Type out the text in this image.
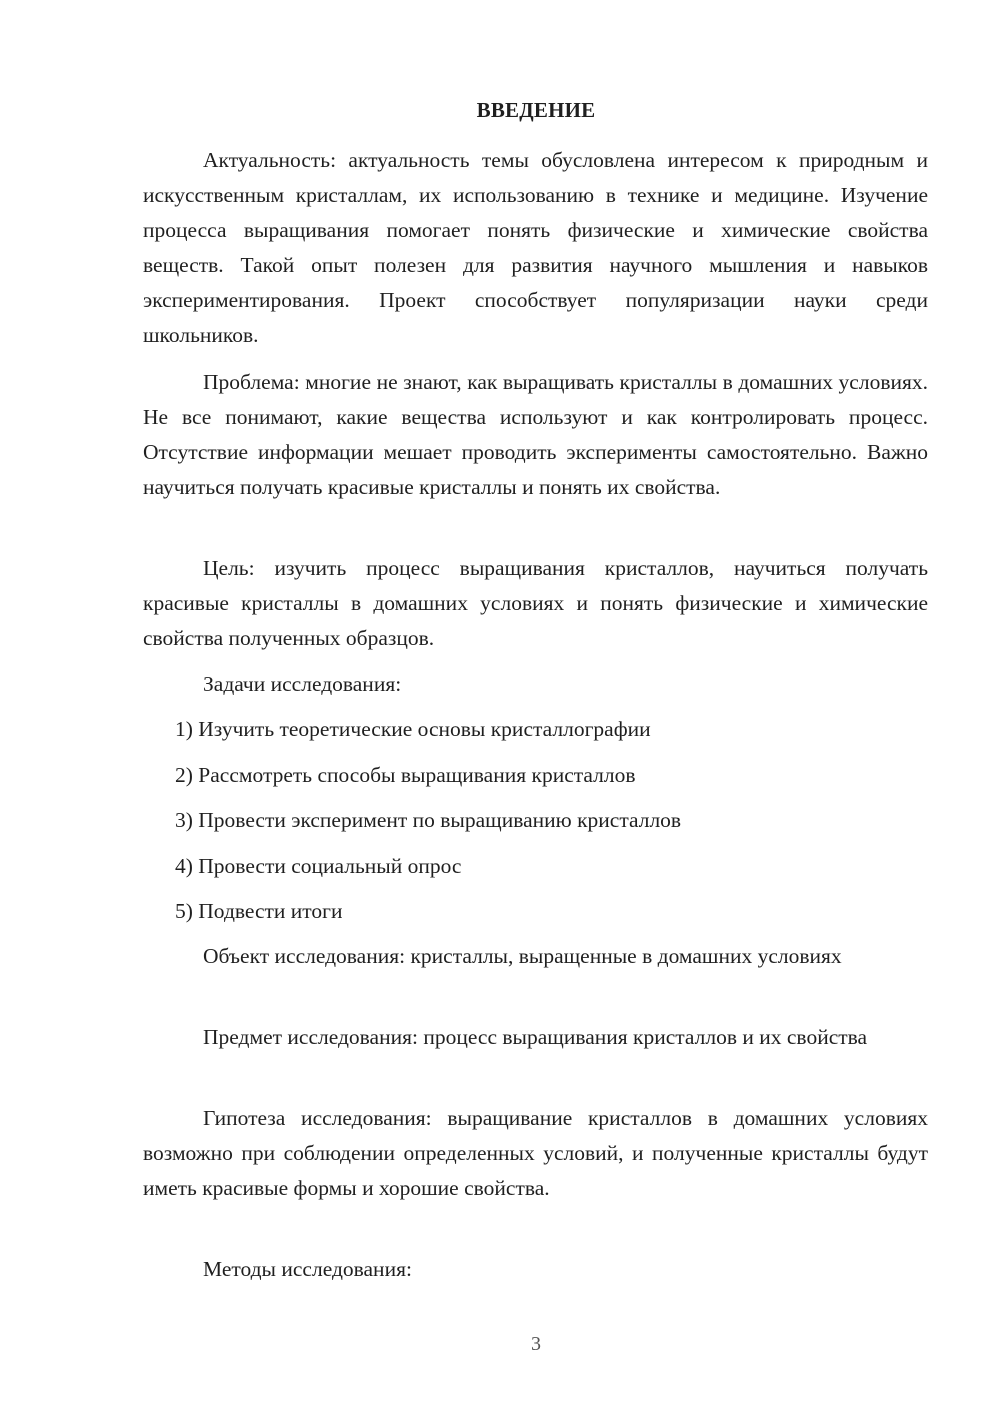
ВВЕДЕНИЕ

Актуальность: актуальность темы обусловлена интересом к природным и искусственным кристаллам, их использованию в технике и медицине. Изучение процесса выращивания помогает понять физические и химические свойства веществ. Такой опыт полезен для развития научного мышления и навыков экспериментирования. Проект способствует популяризации науки среди школьников.

Проблема: многие не знают, как выращивать кристаллы в домашних условиях. Не все понимают, какие вещества используют и как контролировать процесс. Отсутствие информации мешает проводить эксперименты самостоятельно. Важно научиться получать красивые кристаллы и понять их свойства.

Цель: изучить процесс выращивания кристаллов, научиться получать красивые кристаллы в домашних условиях и понять физические и химические свойства полученных образцов.

Задачи исследования:

1) Изучить теоретические основы кристаллографии
2) Рассмотреть способы выращивания кристаллов
3) Провести эксперимент по выращиванию кристаллов
4) Провести социальный опрос
5) Подвести итоги

Объект исследования: кристаллы, выращенные в домашних условиях

Предмет исследования: процесс выращивания кристаллов и их свойства

Гипотеза исследования: выращивание кристаллов в домашних условиях возможно при соблюдении определенных условий, и полученные кристаллы будут иметь красивые формы и хорошие свойства.

Методы исследования:

3
